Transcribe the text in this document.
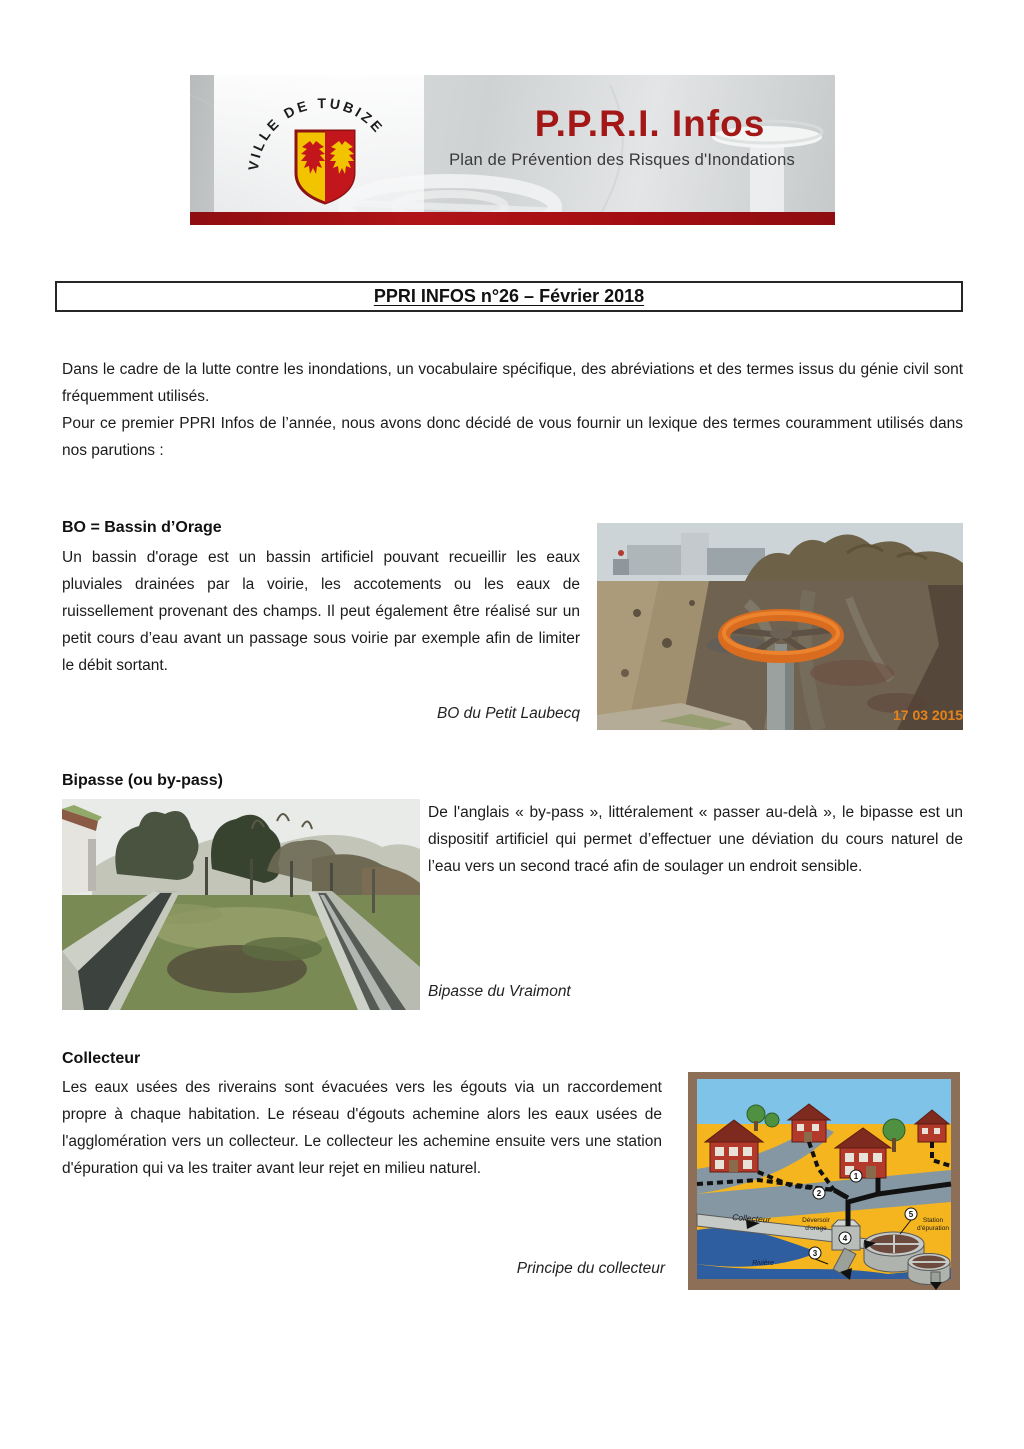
VILLE DE TUBIZE	P.P.R.I. Infos
Plan de Prévention des Risques d'Inondations
PPRI INFOS n°26 – Février 2018
Dans le cadre de la lutte contre les inondations, un vocabulaire spécifique, des abréviations et des termes issus du génie civil sont fréquemment utilisés.
Pour ce premier PPRI Infos de l’année, nous avons donc décidé de vous fournir un lexique des termes couramment utilisés dans nos parutions :
BO = Bassin d’Orage
Un bassin d'orage est un bassin artificiel pouvant recueillir les eaux pluviales drainées par la voirie, les accotements ou les eaux de ruissellement provenant des champs. Il peut également être réalisé sur un petit cours d’eau avant un passage sous voirie par exemple afin de limiter le débit sortant.
17 03 2015
BO du Petit Laubecq
Bipasse (ou by-pass)
De l'anglais « by-pass », littéralement « passer au-delà », le bipasse est un dispositif artificiel qui permet d’effectuer une déviation du cours naturel de l’eau vers un second tracé afin de soulager un endroit sensible.
Bipasse du Vraimont
Collecteur
Les eaux usées des riverains sont évacuées vers les égouts via un raccordement propre à chaque habitation. Le réseau d'égouts achemine alors les eaux usées de l'agglomération vers un collecteur. Le collecteur les achemine ensuite vers une station d'épuration qui va les traiter avant leur rejet en milieu naturel.	1
2
3
4
5
Collecteur	Déversoir
d'orage
Station
d'épuration
Rivière
Principe du collecteur
